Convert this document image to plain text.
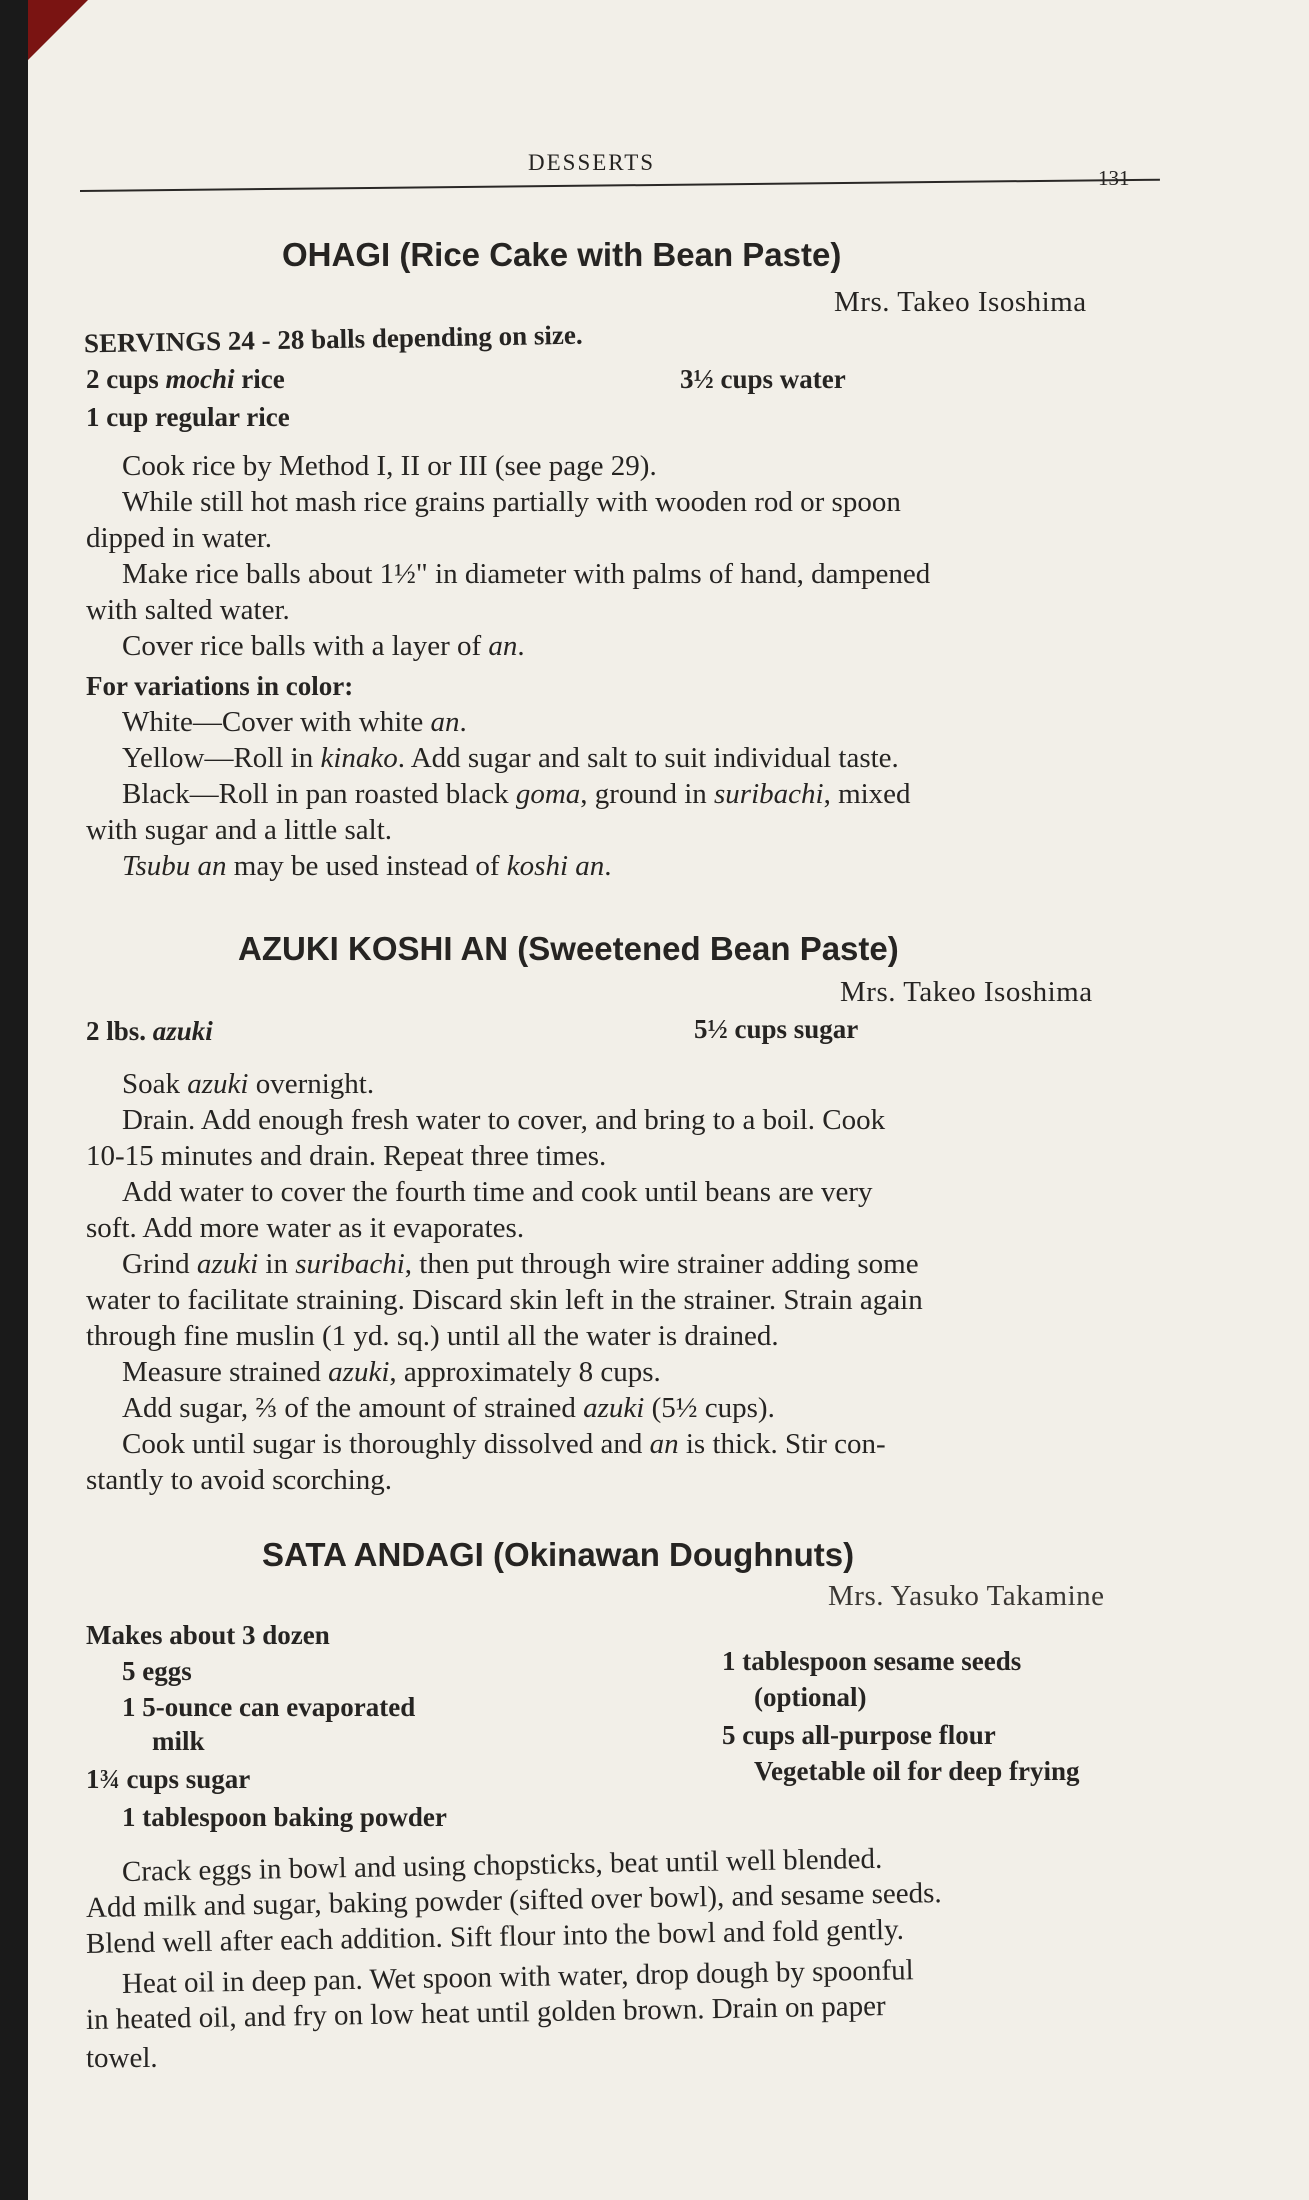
DESSERTS
131
OHAGI (Rice Cake with Bean Paste)
Mrs. Takeo Isoshima
SERVINGS 24 - 28 balls depending on size.
2 cups mochi rice	3½ cups water
1 cup regular rice
Cook rice by Method I, II or III (see page 29).
While still hot mash rice grains partially with wooden rod or spoon
dipped in water.
Make rice balls about 1½" in diameter with palms of hand, dampened
with salted water.
Cover rice balls with a layer of an.
For variations in color:
White—Cover with white an.
Yellow—Roll in kinako. Add sugar and salt to suit individual taste.
Black—Roll in pan roasted black goma, ground in suribachi, mixed
with sugar and a little salt.
Tsubu an may be used instead of koshi an.
AZUKI KOSHI AN (Sweetened Bean Paste)
Mrs. Takeo Isoshima
2 lbs. azuki	5½ cups sugar
Soak azuki overnight.
Drain. Add enough fresh water to cover, and bring to a boil. Cook
10-15 minutes and drain. Repeat three times.
Add water to cover the fourth time and cook until beans are very
soft. Add more water as it evaporates.
Grind azuki in suribachi, then put through wire strainer adding some
water to facilitate straining. Discard skin left in the strainer. Strain again
through fine muslin (1 yd. sq.) until all the water is drained.
Measure strained azuki, approximately 8 cups.
Add sugar, ⅔ of the amount of strained azuki (5½ cups).
Cook until sugar is thoroughly dissolved and an is thick. Stir con-
stantly to avoid scorching.
SATA ANDAGI (Okinawan Doughnuts)
Mrs. Yasuko Takamine
Makes about 3 dozen
5 eggs
1 5-ounce can evaporated
milk
1¾ cups sugar
1 tablespoon baking powder
1 tablespoon sesame seeds
(optional)
5 cups all-purpose flour
Vegetable oil for deep frying
Crack eggs in bowl and using chopsticks, beat until well blended.
Add milk and sugar, baking powder (sifted over bowl), and sesame seeds.
Blend well after each addition. Sift flour into the bowl and fold gently.
Heat oil in deep pan. Wet spoon with water, drop dough by spoonful
in heated oil, and fry on low heat until golden brown. Drain on paper
towel.
